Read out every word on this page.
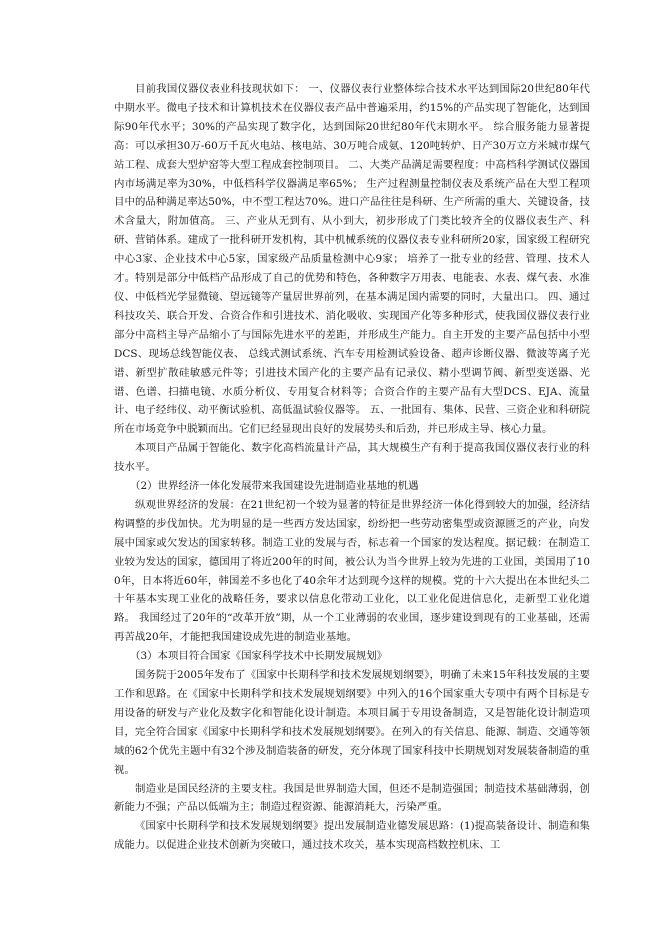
目前我国仪器仪表业科技现状如下： 一、仪器仪表行业整体综合技术水平达到国际20世纪80年代中期水平。微电子技术和计算机技术在仪器仪表产品中普遍采用，约15%的产品实现了智能化，达到国际90年代水平；30%的产品实现了数字化，达到国际20世纪80年代末期水平。 综合服务能力显著提高：可以承担30万-60万千瓦火电站、核电站、30万吨合成氨、120吨转炉、日产30万立方米城市煤气站工程、成套大型炉窑等大型工程成套控制项目。 二、大类产品满足需要程度：中高档科学测试仪器国内市场满足率为30%，中低档科学仪器满足率65%； 生产过程测量控制仪表及系统产品在大型工程项目中的品种满足率达50%，中不型工程达70%。进口产品往往是科研、生产所需的重大、关键设备，技术含量大，附加值高。 三、产业从无到有、从小到大，初步形成了门类比较齐全的仪器仪表生产、科研、营销体系。建成了一批科研开发机构，其中机械系统的仪器仪表专业科研所20家，国家级工程研究中心3家、企业技术中心5家，国家级产品质量检测中心9家； 培养了一批专业的经营、管理、技术人才。特别是部分中低档产品形成了自己的优势和特色，各种数字万用表、电能表、水表、煤气表、水准仪、中低档光学显微镜、望远镜等产量居世界前列，在基本满足国内需要的同时，大量出口。 四、通过科技攻关、联合开发、合资合作和引进技术、消化吸收、实现国产化等多种形式，使我国仪器仪表行业部分中高档主导产品缩小了与国际先进水平的差距，并形成生产能力。自主开发的主要产品包括中小型DCS、现场总线智能仪表、 总线式测试系统、汽车专用检测试验设备、超声诊断仪器、微波等离子光谱、新型扩散硅敏感元件等；引进技术国产化的主要产品有记录仪、精小型调节阀、新型变送器、光谱、色谱、扫描电镜、水质分析仪、专用复合材料等；合资合作的主要产品有大型DCS、EJA、流量计、电子经纬仪、动平衡试验机、高低温试验仪器等。 五、一批国有、集体、民营、三资企业和科研院所在市场竞争中脱颖而出。它们已经显现出良好的发展势头和后劲，并已形成主导、核心力量。

本项目产品属于智能化、数字化高档流量计产品，其大规模生产有利于提高我国仪器仪表行业的科技水平。

（2）世界经济一体化发展带来我国建设先进制造业基地的机遇

纵观世界经济的发展：在21世纪初一个较为显著的特征是世界经济一体化得到较大的加强，经济结构调整的步伐加快。尤为明显的是一些西方发达国家，纷纷把一些劳动密集型或资源匮乏的产业，向发展中国家或欠发达的国家转移。制造工业的发展与否，标志着一个国家的发达程度。据记载：在制造工业较为发达的国家，德国用了将近200年的时间，被公认为当今世界上较为先进的工业国，美国用了100年，日本将近60年，韩国差不多也化了40余年才达到现今这样的规模。党的十六大提出在本世纪头二十年基本实现工业化的战略任务，要求以信息化带动工业化，以工业化促进信息化，走新型工业化道路。 我国经过了20年的“改革开放”期，从一个工业薄弱的农业国，逐步建设到现有的工业基础，还需再苦战20年，才能把我国建设成先进的制造业基地。

（3）本项目符合国家《国家科学技术中长期发展规划》

国务院于2005年发布了《国家中长期科学和技术发展规划纲要》，明确了未来15年科技发展的主要工作和思路。在《国家中长期科学和技术发展规划纲要》中列入的16个国家重大专项中有两个目标是专用设备的研发与产业化及数字化和智能化设计制造。本项目属于专用设备制造，又是智能化设计制造项目，完全符合国家《国家中长期科学和技术发展规划纲要》。在列入的有关信息、能源、制造、交通等领域的62个优先主题中有32个涉及制造装备的研发，充分体现了国家科技中长期规划对发展装备制造的重视。

制造业是国民经济的主要支柱。我国是世界制造大国，但还不是制造强国；制造技术基础薄弱，创新能力不强；产品以低端为主；制造过程资源、能源消耗大，污染严重。

《国家中长期科学和技术发展规划纲要》提出发展制造业德发展思路：(1)提高装备设计、制造和集成能力。以促进企业技术创新为突破口，通过技术攻关，基本实现高档数控机床、工
